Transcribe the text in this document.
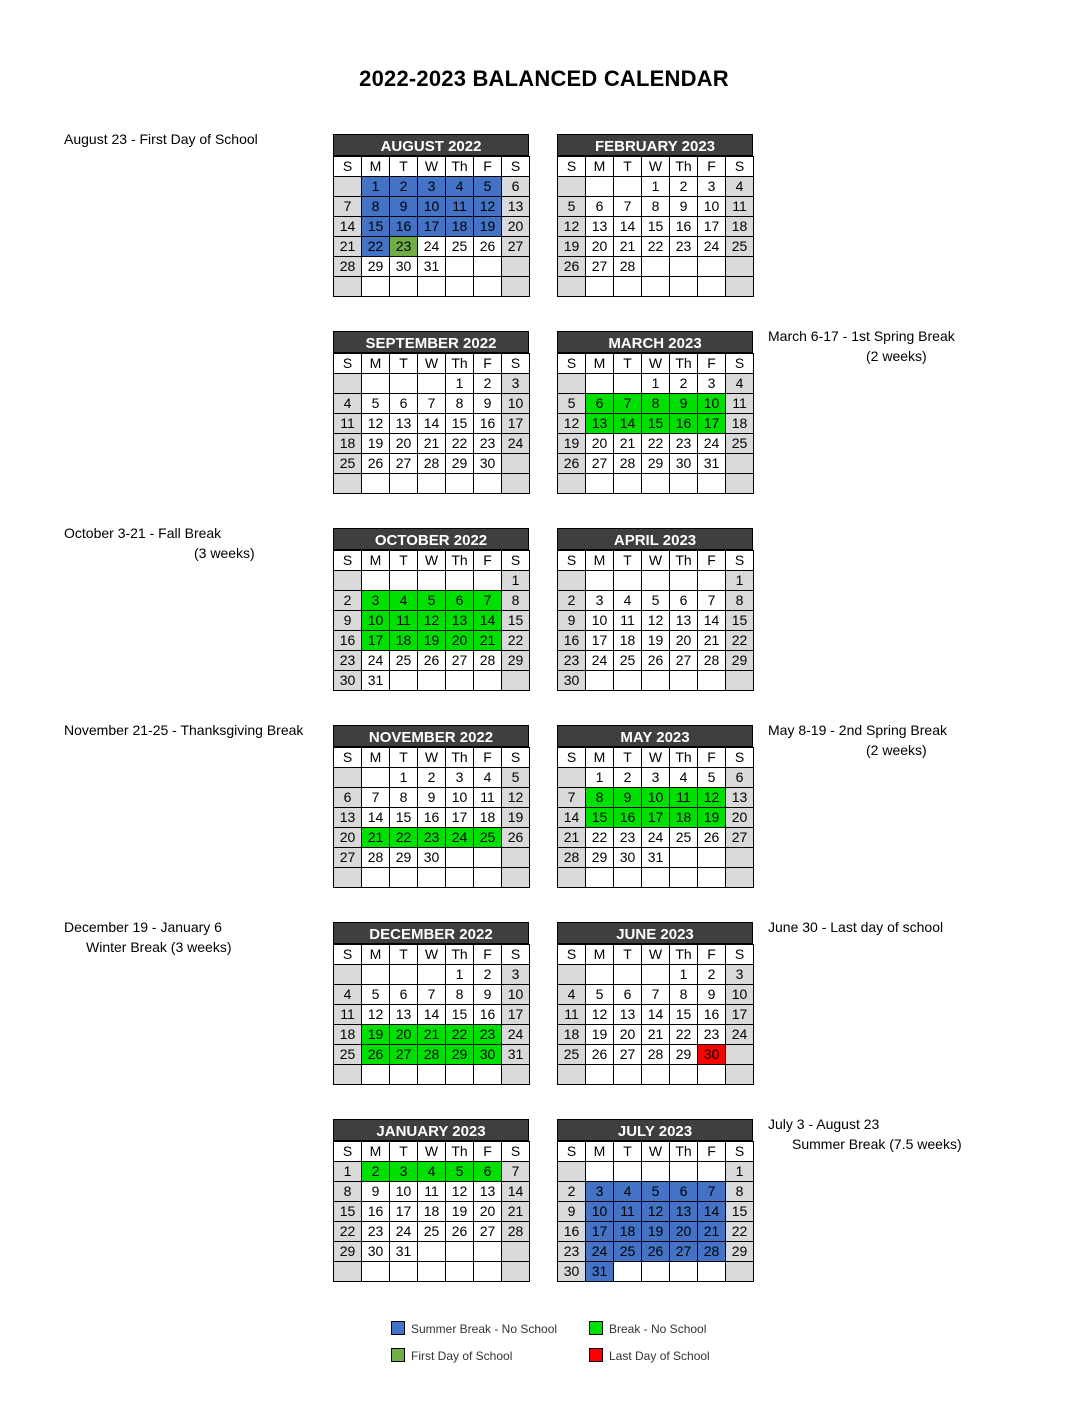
2022-2023 BALANCED CALENDAR
August 23 - First Day of School
October 3-21 - Fall Break
(3 weeks)
November 21-25 - Thanksgiving Break
December 19 - January 6
Winter Break (3 weeks)
March 6-17 - 1st Spring Break
(2 weeks)
May 8-19 - 2nd Spring Break
(2 weeks)
June 30 - Last day of school
July 3 - August 23
Summer Break (7.5 weeks)
AUGUST 2022
S	M	T	W	Th	F	S
	1	2	3	4	5	6
7	8	9	10	11	12	13
14	15	16	17	18	19	20
21	22	23	24	25	26	27
28	29	30	31			

SEPTEMBER 2022
S	M	T	W	Th	F	S
				1	2	3
4	5	6	7	8	9	10
11	12	13	14	15	16	17
18	19	20	21	22	23	24
25	26	27	28	29	30	

OCTOBER 2022
S	M	T	W	Th	F	S
						1
2	3	4	5	6	7	8
9	10	11	12	13	14	15
16	17	18	19	20	21	22
23	24	25	26	27	28	29
30	31					
NOVEMBER 2022
S	M	T	W	Th	F	S
		1	2	3	4	5
6	7	8	9	10	11	12
13	14	15	16	17	18	19
20	21	22	23	24	25	26
27	28	29	30			

DECEMBER 2022
S	M	T	W	Th	F	S
				1	2	3
4	5	6	7	8	9	10
11	12	13	14	15	16	17
18	19	20	21	22	23	24
25	26	27	28	29	30	31

JANUARY 2023
S	M	T	W	Th	F	S
1	2	3	4	5	6	7
8	9	10	11	12	13	14
15	16	17	18	19	20	21
22	23	24	25	26	27	28
29	30	31				

FEBRUARY 2023
S	M	T	W	Th	F	S
			1	2	3	4
5	6	7	8	9	10	11
12	13	14	15	16	17	18
19	20	21	22	23	24	25
26	27	28				

MARCH 2023
S	M	T	W	Th	F	S
			1	2	3	4
5	6	7	8	9	10	11
12	13	14	15	16	17	18
19	20	21	22	23	24	25
26	27	28	29	30	31	

APRIL 2023
S	M	T	W	Th	F	S
						1
2	3	4	5	6	7	8
9	10	11	12	13	14	15
16	17	18	19	20	21	22
23	24	25	26	27	28	29
30						
MAY 2023
S	M	T	W	Th	F	S
	1	2	3	4	5	6
7	8	9	10	11	12	13
14	15	16	17	18	19	20
21	22	23	24	25	26	27
28	29	30	31			

JUNE 2023
S	M	T	W	Th	F	S
				1	2	3
4	5	6	7	8	9	10
11	12	13	14	15	16	17
18	19	20	21	22	23	24
25	26	27	28	29	30	

JULY 2023
S	M	T	W	Th	F	S
						1
2	3	4	5	6	7	8
9	10	11	12	13	14	15
16	17	18	19	20	21	22
23	24	25	26	27	28	29
30	31					
Summer Break - No School	Break - No School
First Day of School	Last Day of School
